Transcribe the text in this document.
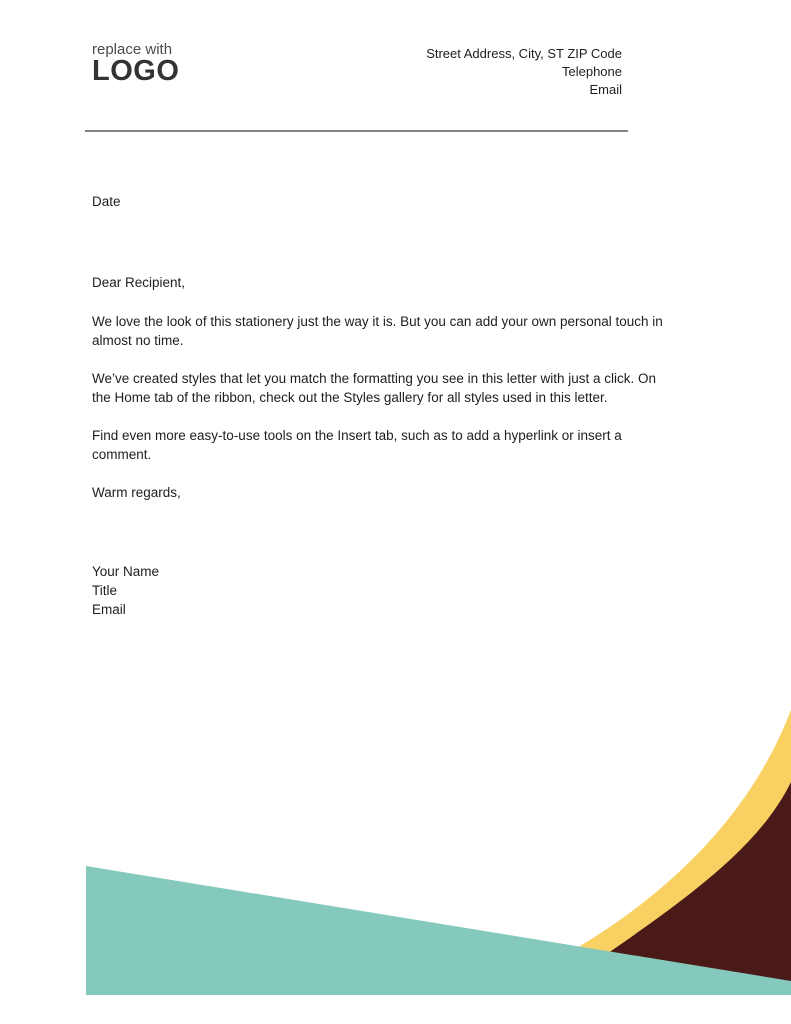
replace with
LOGO
Street Address, City, ST ZIP Code
Telephone
Email
Date
Dear Recipient,
We love the look of this stationery just the way it is. But you can add your own personal touch in
almost no time.
We’ve created styles that let you match the formatting you see in this letter with just a click. On
the Home tab of the ribbon, check out the Styles gallery for all styles used in this letter.
Find even more easy-to-use tools on the Insert tab, such as to add a hyperlink or insert a
comment.
Warm regards,
Your Name
Title
Email
